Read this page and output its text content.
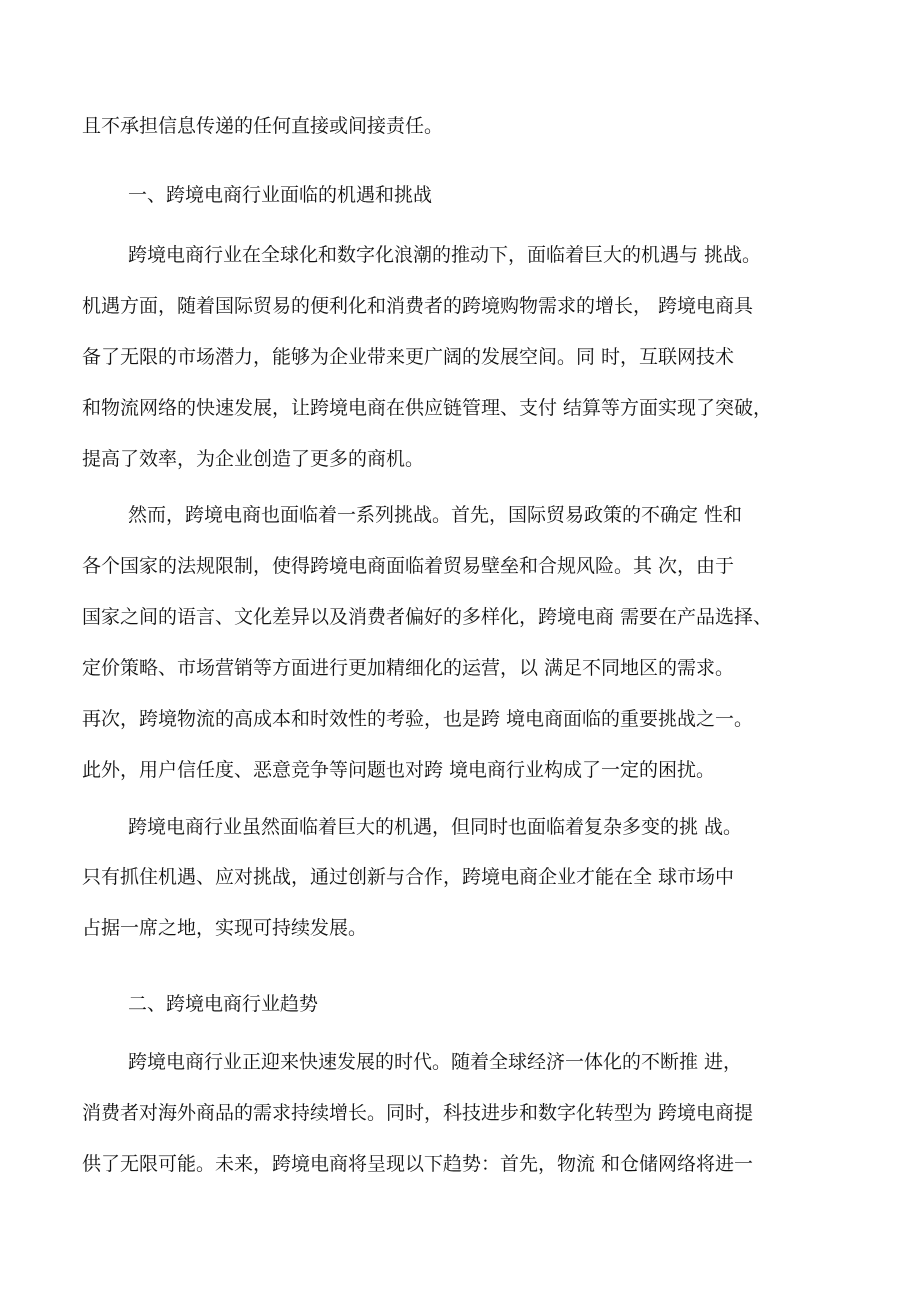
且不承担信息传递的任何直接或间接责任。
一、跨境电商行业面临的机遇和挑战
跨境电商行业在全球化和数字化浪潮的推动下，面临着巨大的机遇与 挑战。
机遇方面，随着国际贸易的便利化和消费者的跨境购物需求的增长， 跨境电商具
备了无限的市场潜力，能够为企业带来更广阔的发展空间。同 时，互联网技术
和物流网络的快速发展，让跨境电商在供应链管理、支付 结算等方面实现了突破，
提高了效率，为企业创造了更多的商机。
然而，跨境电商也面临着一系列挑战。首先，国际贸易政策的不确定 性和
各个国家的法规限制，使得跨境电商面临着贸易壁垒和合规风险。其 次，由于
国家之间的语言、文化差异以及消费者偏好的多样化，跨境电商 需要在产品选择、
定价策略、市场营销等方面进行更加精细化的运营，以 满足不同地区的需求。
再次，跨境物流的高成本和时效性的考验，也是跨 境电商面临的重要挑战之一。
此外，用户信任度、恶意竞争等问题也对跨 境电商行业构成了一定的困扰。
跨境电商行业虽然面临着巨大的机遇，但同时也面临着复杂多变的挑 战。
只有抓住机遇、应对挑战，通过创新与合作，跨境电商企业才能在全 球市场中
占据一席之地，实现可持续发展。
二、跨境电商行业趋势
跨境电商行业正迎来快速发展的时代。随着全球经济一体化的不断推 进，
消费者对海外商品的需求持续增长。同时，科技进步和数字化转型为 跨境电商提
供了无限可能。未来，跨境电商将呈现以下趋势：首先，物流 和仓储网络将进一
